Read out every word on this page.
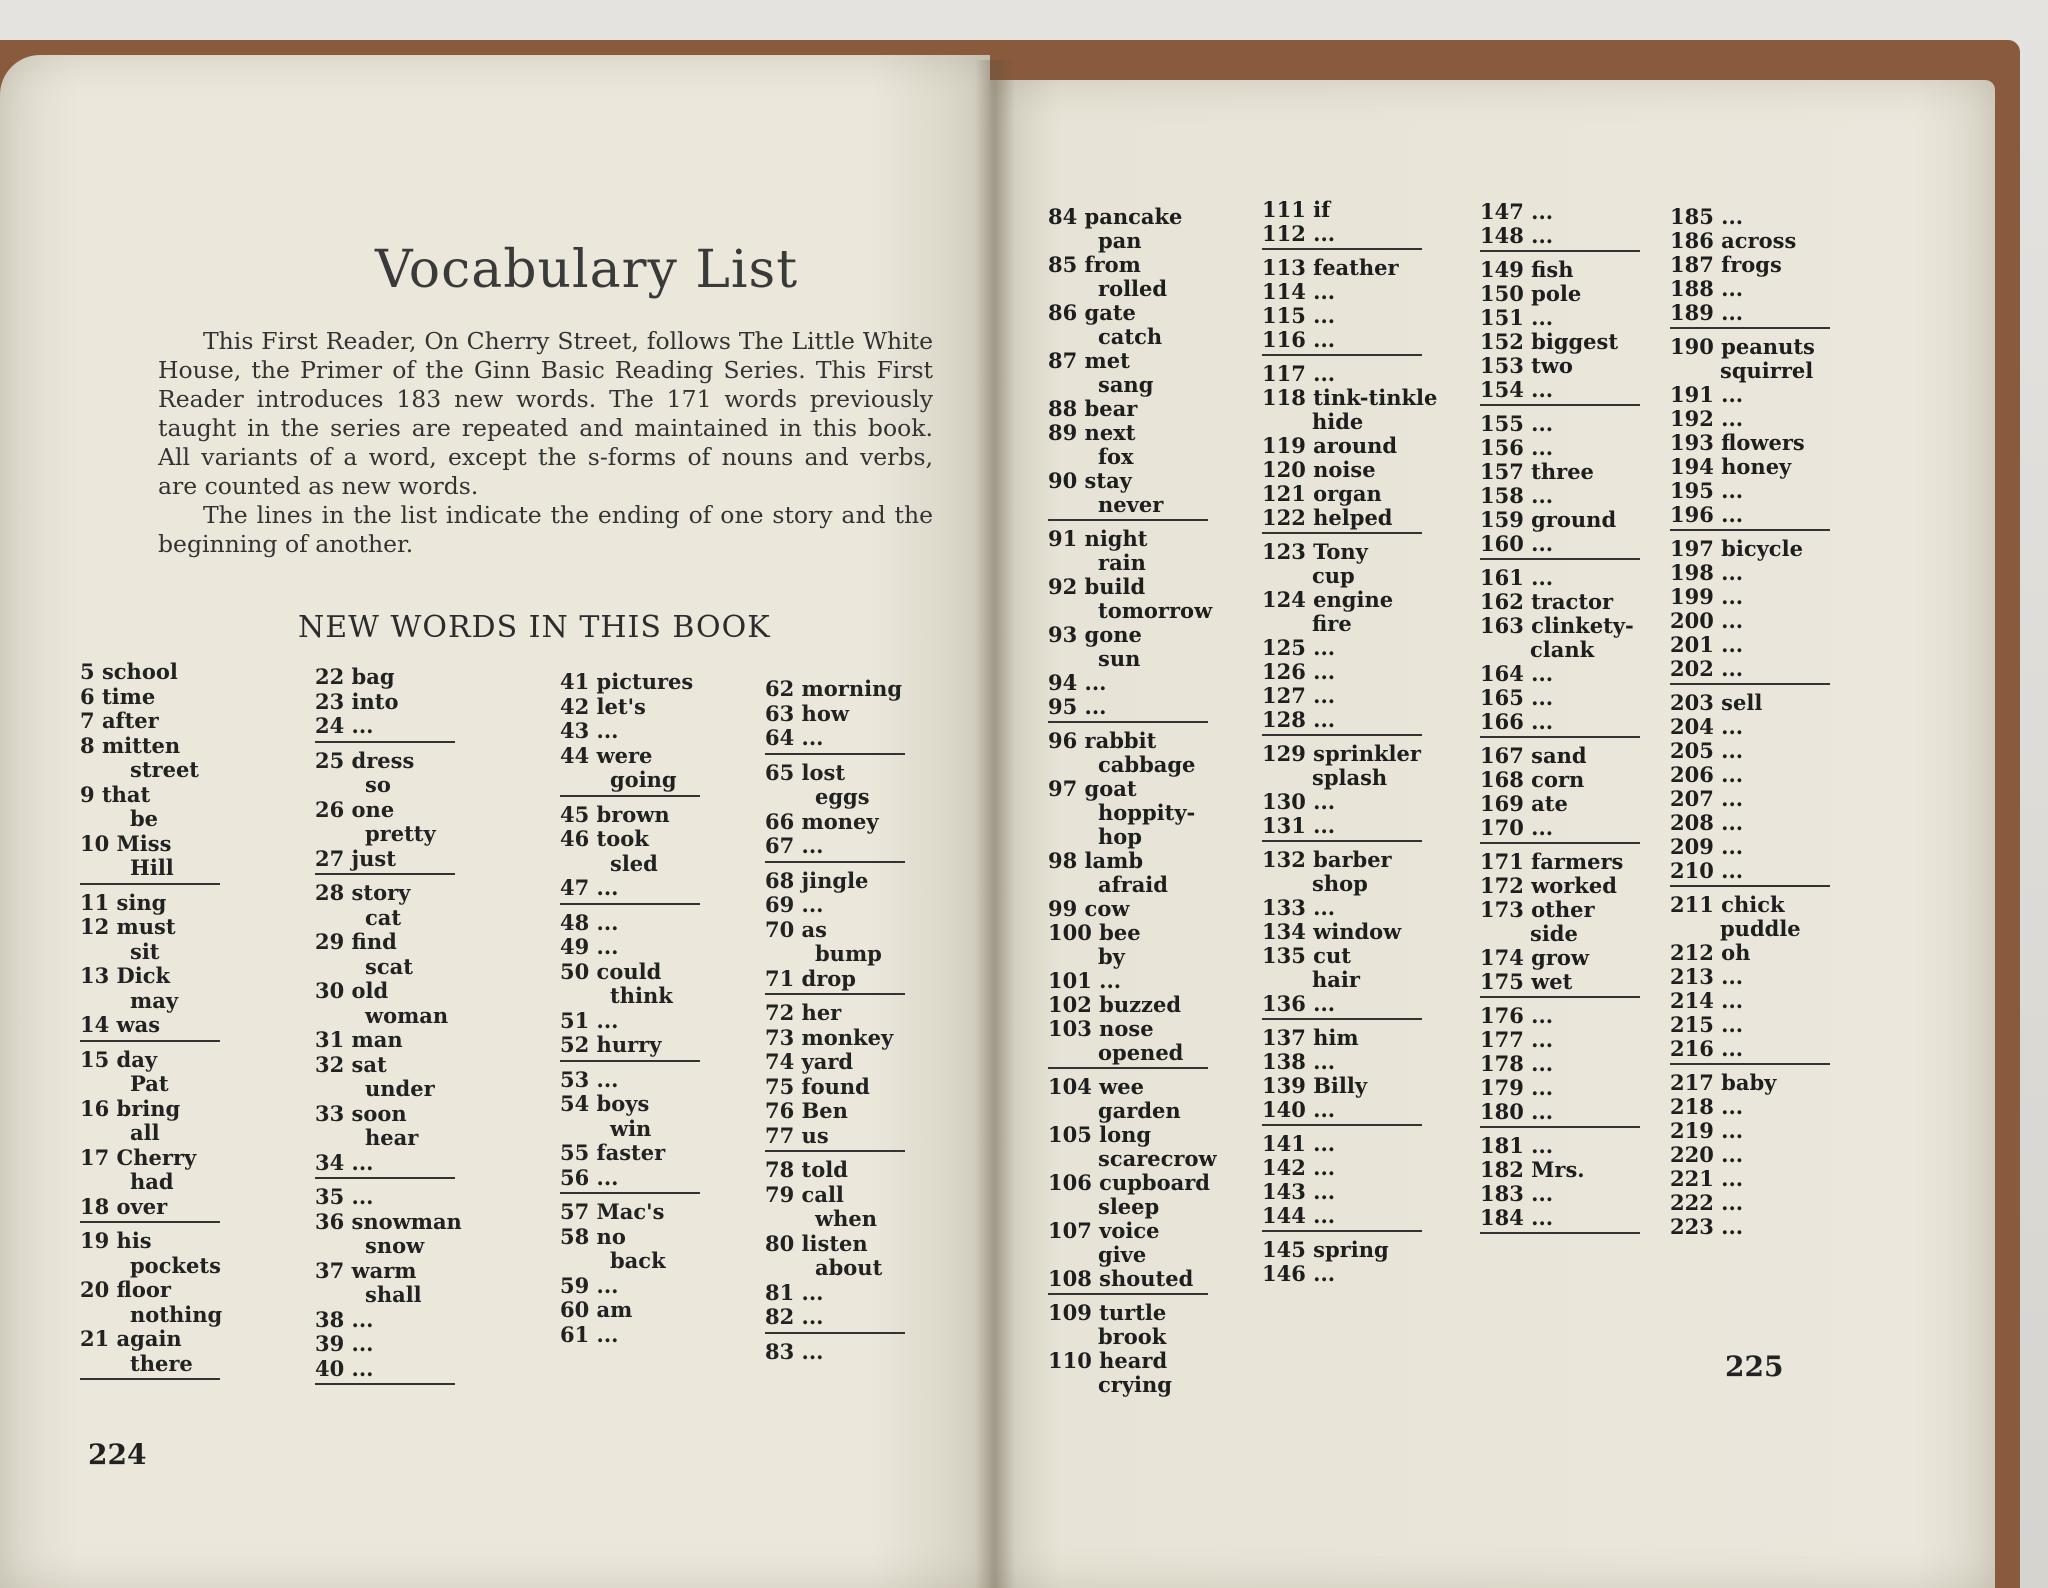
Vocabulary List

This First Reader, On Cherry Street, follows The Little White House, the Primer of the Ginn Basic Reading Series. This First Reader introduces 183 new words. The 171 words previously taught in the series are repeated and maintained in this book. All variants of a word, except the s-forms of nouns and verbs, are counted as new words.

The lines in the list indicate the ending of one story and the beginning of another.

NEW WORDS IN THIS BOOK
5 school
6 time
7 after
8 mitten
street
9 that
be
10 Miss
Hill
11 sing
12 must
sit
13 Dick
may
14 was
15 day
Pat
16 bring
all
17 Cherry
had
18 over
19 his
pockets
20 floor
nothing
21 again
there
22 bag
23 into
24 ...
25 dress
so
26 one
pretty
27 just
28 story
cat
29 find
scat
30 old
woman
31 man
32 sat
under
33 soon
hear
34 ...
35 ...
36 snowman
snow
37 warm
shall
38 ...
39 ...
40 ...
41 pictures
42 let's
43 ...
44 were
going
45 brown
46 took
sled
47 ...
48 ...
49 ...
50 could
think
51 ...
52 hurry
53 ...
54 boys
win
55 faster
56 ...
57 Mac's
58 no
back
59 ...
60 am
61 ...
62 morning
63 how
64 ...
65 lost
eggs
66 money
67 ...
68 jingle
69 ...
70 as
bump
71 drop
72 her
73 monkey
74 yard
75 found
76 Ben
77 us
78 told
79 call
when
80 listen
about
81 ...
82 ...
83 ...
224
84 pancake
pan
85 from
rolled
86 gate
catch
87 met
sang
88 bear
89 next
fox
90 stay
never
91 night
rain
92 build
tomorrow
93 gone
sun
94 ...
95 ...
96 rabbit
cabbage
97 goat
hoppity-
hop
98 lamb
afraid
99 cow
100 bee
by
101 ...
102 buzzed
103 nose
opened
104 wee
garden
105 long
scarecrow
106 cupboard
sleep
107 voice
give
108 shouted
109 turtle
brook
110 heard
crying
111 if
112 ...
113 feather
114 ...
115 ...
116 ...
117 ...
118 tink-tinkle
hide
119 around
120 noise
121 organ
122 helped
123 Tony
cup
124 engine
fire
125 ...
126 ...
127 ...
128 ...
129 sprinkler
splash
130 ...
131 ...
132 barber
shop
133 ...
134 window
135 cut
hair
136 ...
137 him
138 ...
139 Billy
140 ...
141 ...
142 ...
143 ...
144 ...
145 spring
146 ...
147 ...
148 ...
149 fish
150 pole
151 ...
152 biggest
153 two
154 ...
155 ...
156 ...
157 three
158 ...
159 ground
160 ...
161 ...
162 tractor
163 clinkety-
clank
164 ...
165 ...
166 ...
167 sand
168 corn
169 ate
170 ...
171 farmers
172 worked
173 other
side
174 grow
175 wet
176 ...
177 ...
178 ...
179 ...
180 ...
181 ...
182 Mrs.
183 ...
184 ...
185 ...
186 across
187 frogs
188 ...
189 ...
190 peanuts
squirrel
191 ...
192 ...
193 flowers
194 honey
195 ...
196 ...
197 bicycle
198 ...
199 ...
200 ...
201 ...
202 ...
203 sell
204 ...
205 ...
206 ...
207 ...
208 ...
209 ...
210 ...
211 chick
puddle
212 oh
213 ...
214 ...
215 ...
216 ...
217 baby
218 ...
219 ...
220 ...
221 ...
222 ...
223 ...
225
